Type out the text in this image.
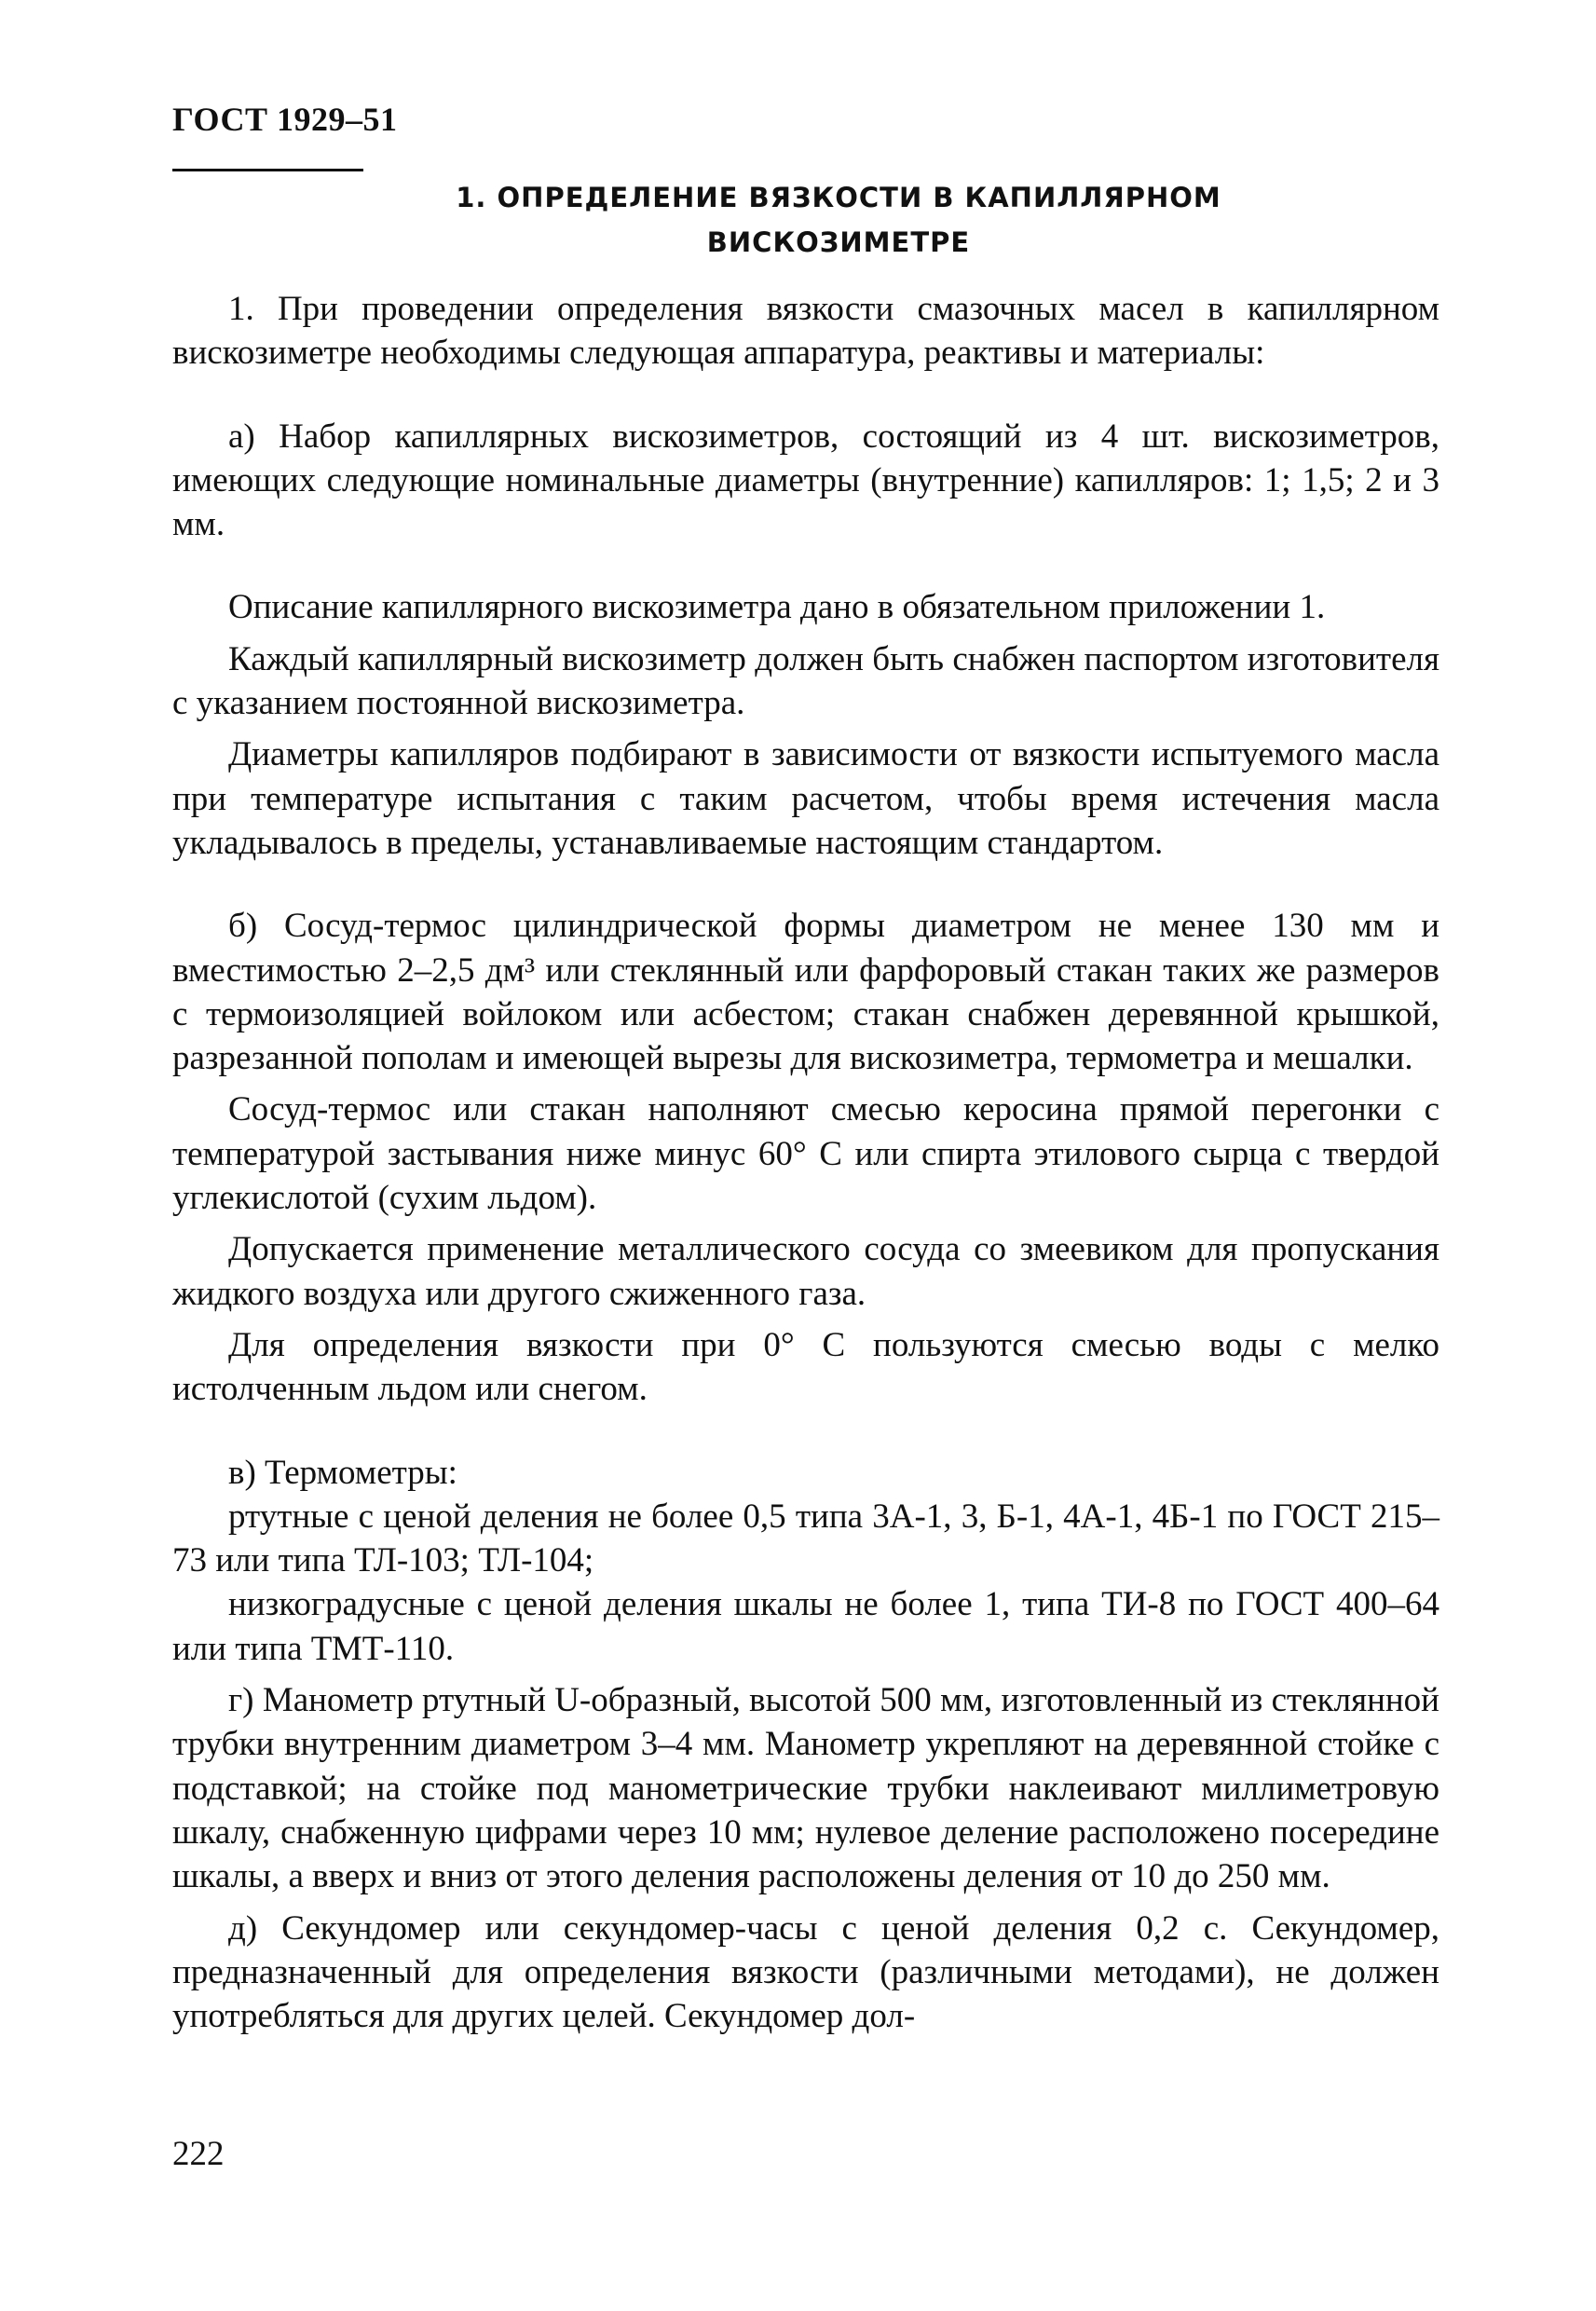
ГОСТ 1929–51
1. ОПРЕДЕЛЕНИЕ ВЯЗКОСТИ В КАПИЛЛЯРНОМ
ВИСКОЗИМЕТРЕ

1. При проведении определения вязкости смазочных масел в капиллярном вискозиметре необходимы следующая аппаратура, реактивы и материалы:

а) Набор капиллярных вискозиметров, состоящий из 4 шт. вискозиметров, имеющих следующие номинальные диаметры (внутренние) капилляров: 1; 1,5; 2 и 3 мм.

Описание капиллярного вискозиметра дано в обязательном приложении 1.

Каждый капиллярный вискозиметр должен быть снабжен паспортом изготовителя с указанием постоянной вискозиметра.

Диаметры капилляров подбирают в зависимости от вязкости испытуемого масла при температуре испытания с таким расчетом, чтобы время истечения масла укладывалось в пределы, устанавливаемые настоящим стандартом.

б) Сосуд-термос цилиндрической формы диаметром не менее 130 мм и вместимостью 2–2,5 дм³ или стеклянный или фарфоровый стакан таких же размеров с термоизоляцией войлоком или асбестом; стакан снабжен деревянной крышкой, разрезанной пополам и имеющей вырезы для вискозиметра, термометра и мешалки.

Сосуд-термос или стакан наполняют смесью керосина прямой перегонки с температурой застывания ниже минус 60° С или спирта этилового сырца с твердой углекислотой (сухим льдом).

Допускается применение металлического сосуда со змеевиком для пропускания жидкого воздуха или другого сжиженного газа.

Для определения вязкости при 0° С пользуются смесью воды с мелко истолченным льдом или снегом.

в) Термометры:

ртутные с ценой деления не более 0,5 типа 3А-1, 3, Б-1, 4А-1, 4Б-1 по ГОСТ 215–73 или типа ТЛ-103; ТЛ-104;

низкоградусные с ценой деления шкалы не более 1, типа ТИ-8 по ГОСТ 400–64 или типа ТМТ-110.

г) Манометр ртутный U-образный, высотой 500 мм, изготовленный из стеклянной трубки внутренним диаметром 3–4 мм. Манометр укрепляют на деревянной стойке с подставкой; на стойке под манометрические трубки наклеивают миллиметровую шкалу, снабженную цифрами через 10 мм; нулевое деление расположено посередине шкалы, а вверх и вниз от этого деления расположены деления от 10 до 250 мм.

д) Секундомер или секундомер-часы с ценой деления 0,2 с. Секундомер, предназначенный для определения вязкости (различными методами), не должен употребляться для других целей. Секундомер дол-

222
